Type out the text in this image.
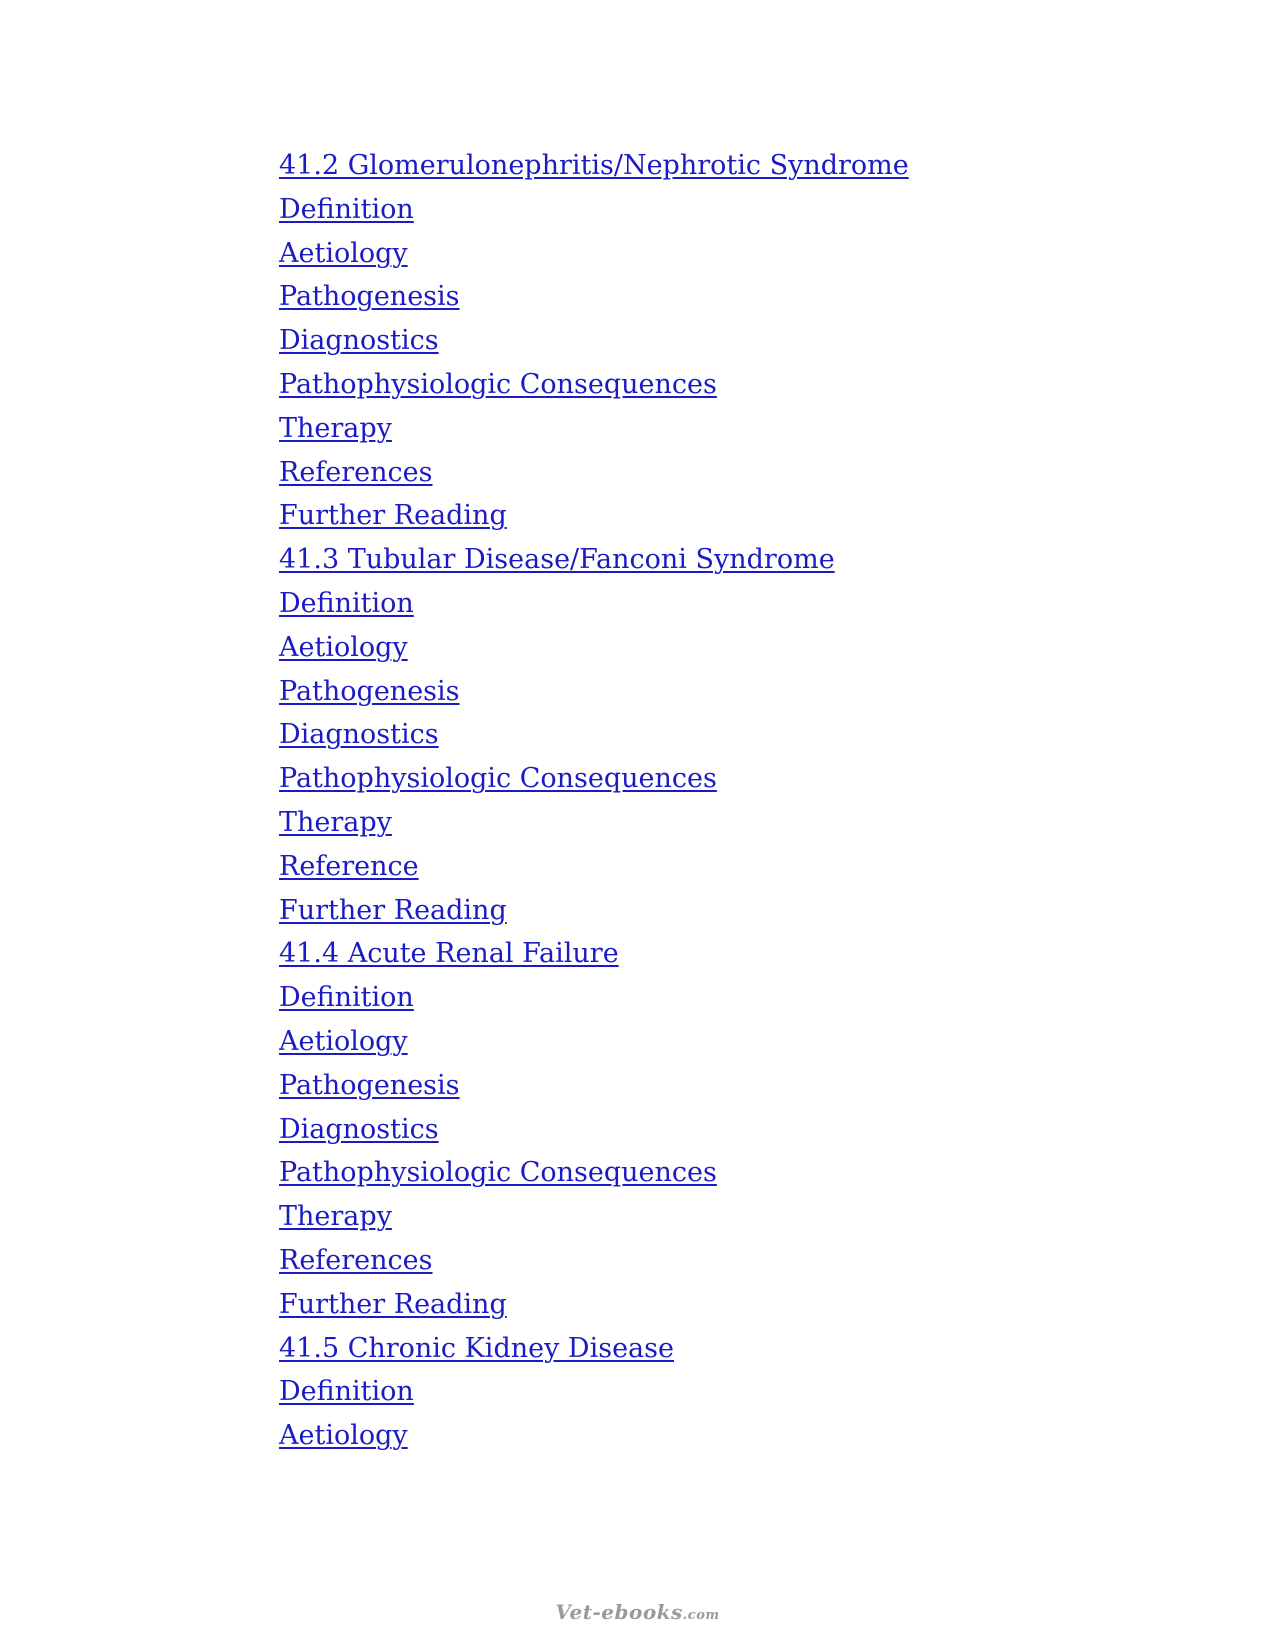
41.2 Glomerulonephritis/Nephrotic Syndrome
Definition
Aetiology
Pathogenesis
Diagnostics
Pathophysiologic Consequences
Therapy
References
Further Reading
41.3 Tubular Disease/Fanconi Syndrome
Definition
Aetiology
Pathogenesis
Diagnostics
Pathophysiologic Consequences
Therapy
Reference
Further Reading
41.4 Acute Renal Failure
Definition
Aetiology
Pathogenesis
Diagnostics
Pathophysiologic Consequences
Therapy
References
Further Reading
41.5 Chronic Kidney Disease
Definition
Aetiology
Vet-ebooks.com
